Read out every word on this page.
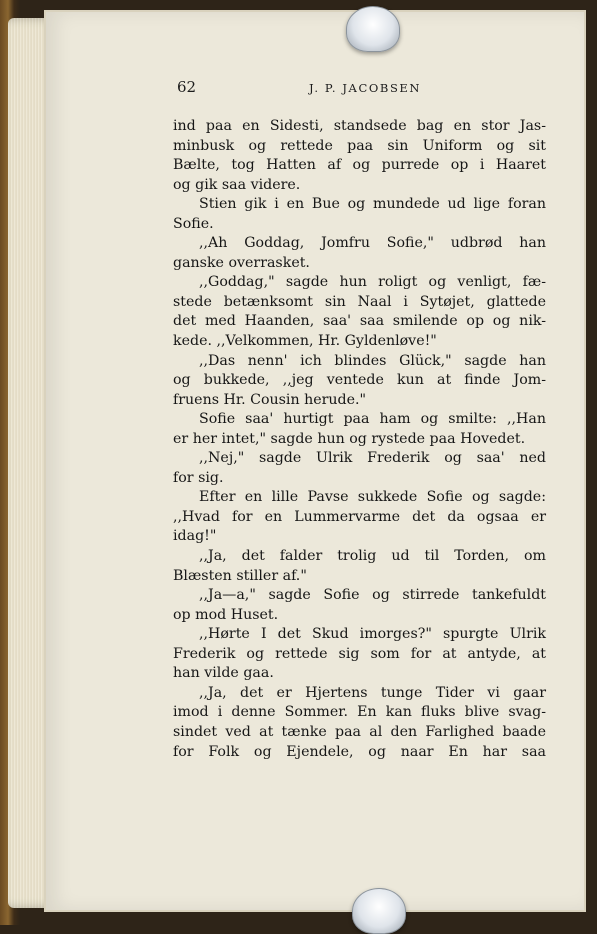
62	J. P. JACOBSEN
ind paa en Sidesti, standsede bag en stor Jas-
minbusk og rettede paa sin Uniform og sit
Bælte, tog Hatten af og purrede op i Haaret
og gik saa videre.
Stien gik i en Bue og mundede ud lige foran
Sofie.
,,Ah Goddag, Jomfru Sofie," udbrød han
ganske overrasket.
,,Goddag," sagde hun roligt og venligt, fæ-
stede betænksomt sin Naal i Sytøjet, glattede
det med Haanden, saa' saa smilende op og nik-
kede. ,,Velkommen, Hr. Gyldenløve!"
,,Das nenn' ich blindes Glück," sagde han
og bukkede, ,,jeg ventede kun at finde Jom-
fruens Hr. Cousin herude."
Sofie saa' hurtigt paa ham og smilte: ,,Han
er her intet," sagde hun og rystede paa Hovedet.
,,Nej," sagde Ulrik Frederik og saa' ned
for sig.
Efter en lille Pavse sukkede Sofie og sagde:
,,Hvad for en Lummervarme det da ogsaa er
idag!"
,,Ja, det falder trolig ud til Torden, om
Blæsten stiller af."
,,Ja—a," sagde Sofie og stirrede tankefuldt
op mod Huset.
,,Hørte I det Skud imorges?" spurgte Ulrik
Frederik og rettede sig som for at antyde, at
han vilde gaa.
,,Ja, det er Hjertens tunge Tider vi gaar
imod i denne Sommer. En kan fluks blive svag-
sindet ved at tænke paa al den Farlighed baade
for Folk og Ejendele, og naar En har saa
